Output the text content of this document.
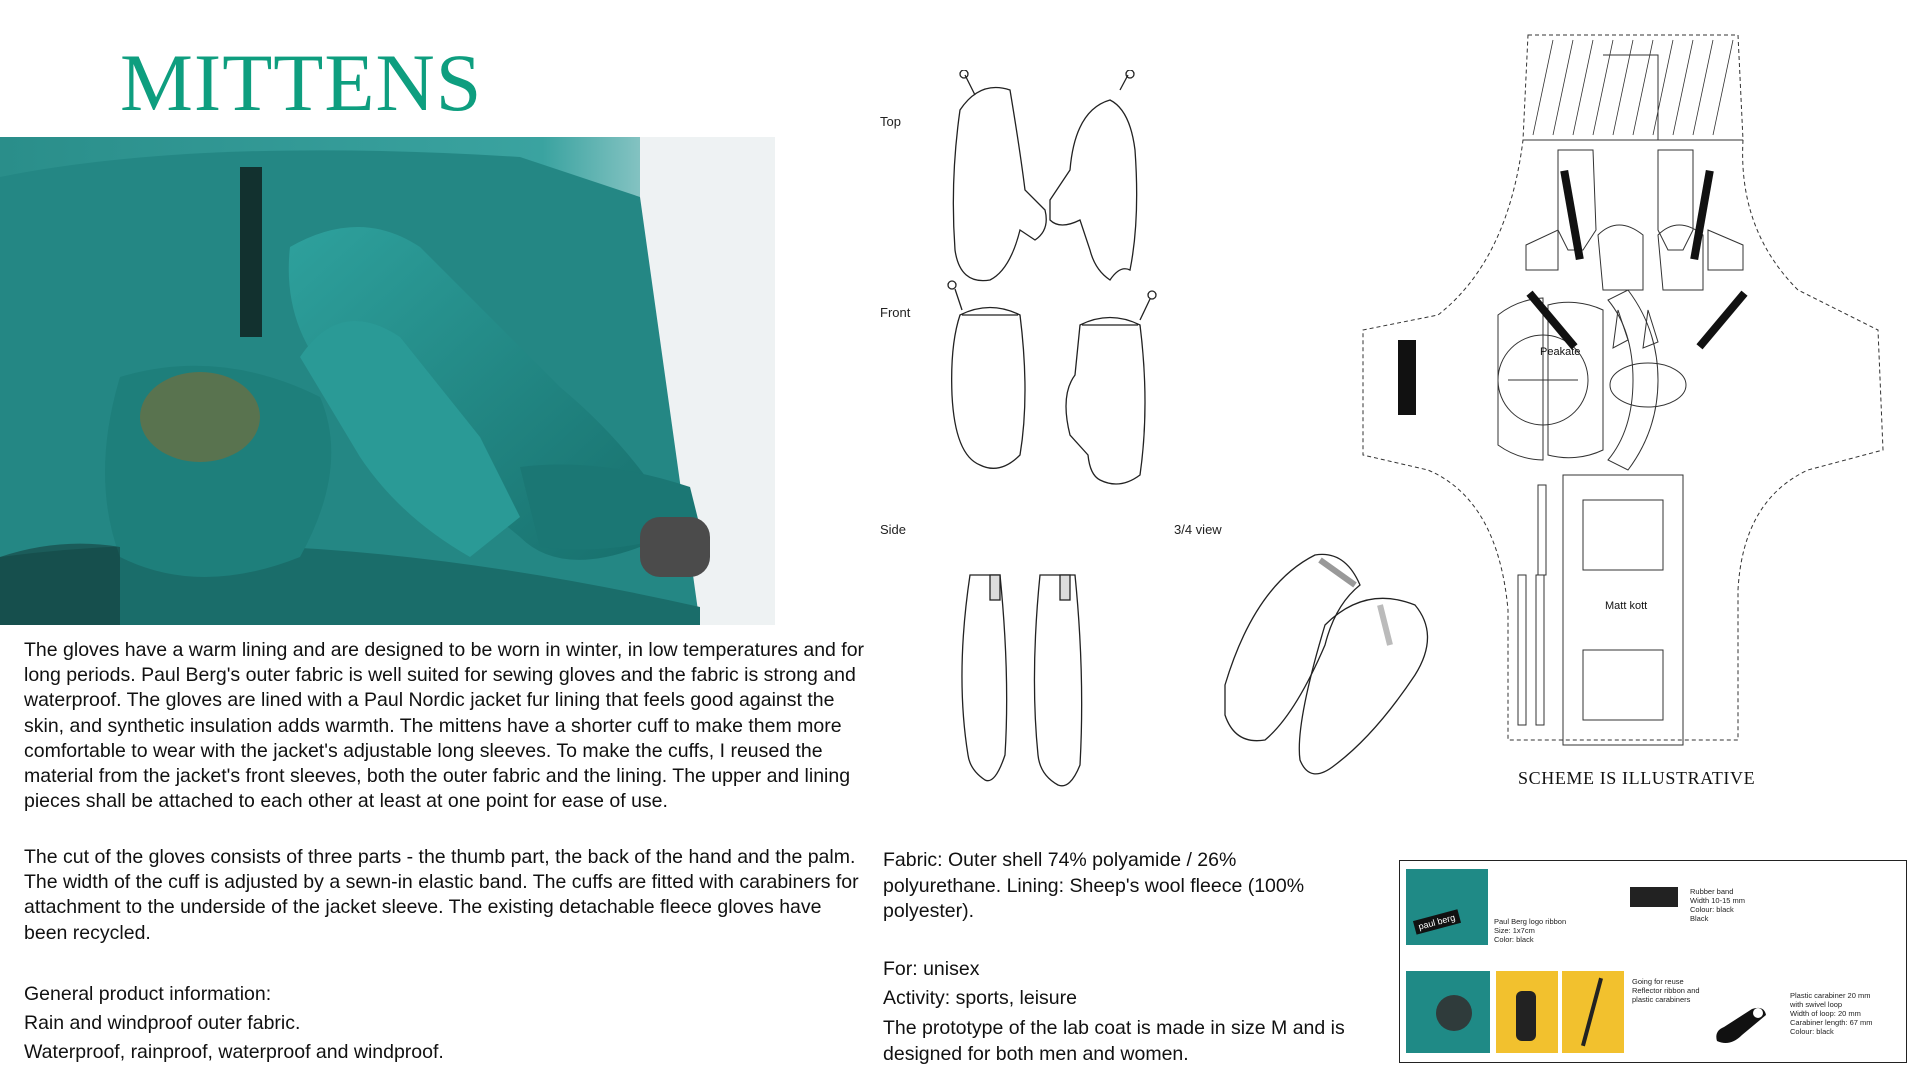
MITTENS

The gloves have a warm lining and are designed to be worn in winter, in low temperatures and for long periods. Paul Berg's outer fabric is well suited for sewing gloves and the fabric is strong and waterproof. The gloves are lined with a Paul Nordic jacket fur lining that feels good against the skin, and synthetic insulation adds warmth. The mittens have a shorter cuff to make them more comfortable to wear with the jacket's adjustable long sleeves. To make the cuffs, I reused the material from the jacket's front sleeves, both the outer fabric and the lining. The upper and lining pieces shall be attached to each other at least at one point for ease of use.

The cut of the gloves consists of three parts - the thumb part, the back of the hand and the palm. The width of the cuff is adjusted by a sewn-in elastic band. The cuffs are fitted with carabiners for attachment to the underside of the jacket sleeve. The existing detachable fleece gloves have been recycled.

General product information:
Rain and windproof outer fabric.
Waterproof, rainproof, waterproof and windproof.
Top
Front
Side	3/4 view
Peakate
Matt kott
SCHEME IS ILLUSTRATIVE
Fabric: Outer shell 74% polyamide / 26% polyurethane. Lining: Sheep's wool fleece (100% polyester).
For: unisex
Activity: sports, leisure
The prototype of the lab coat is made in size M and is designed for both men and women.
paul berg	Paul Berg logo ribbon
Size: 1x7cm
Color: black
Rubber band
Width 10-15 mm
Colour: black
Black
Going for reuse
Reflector ribbon and
plastic carabiners	Plastic carabiner 20 mm
with swivel loop
Width of loop: 20 mm
Carabiner length: 67 mm
Colour: black
